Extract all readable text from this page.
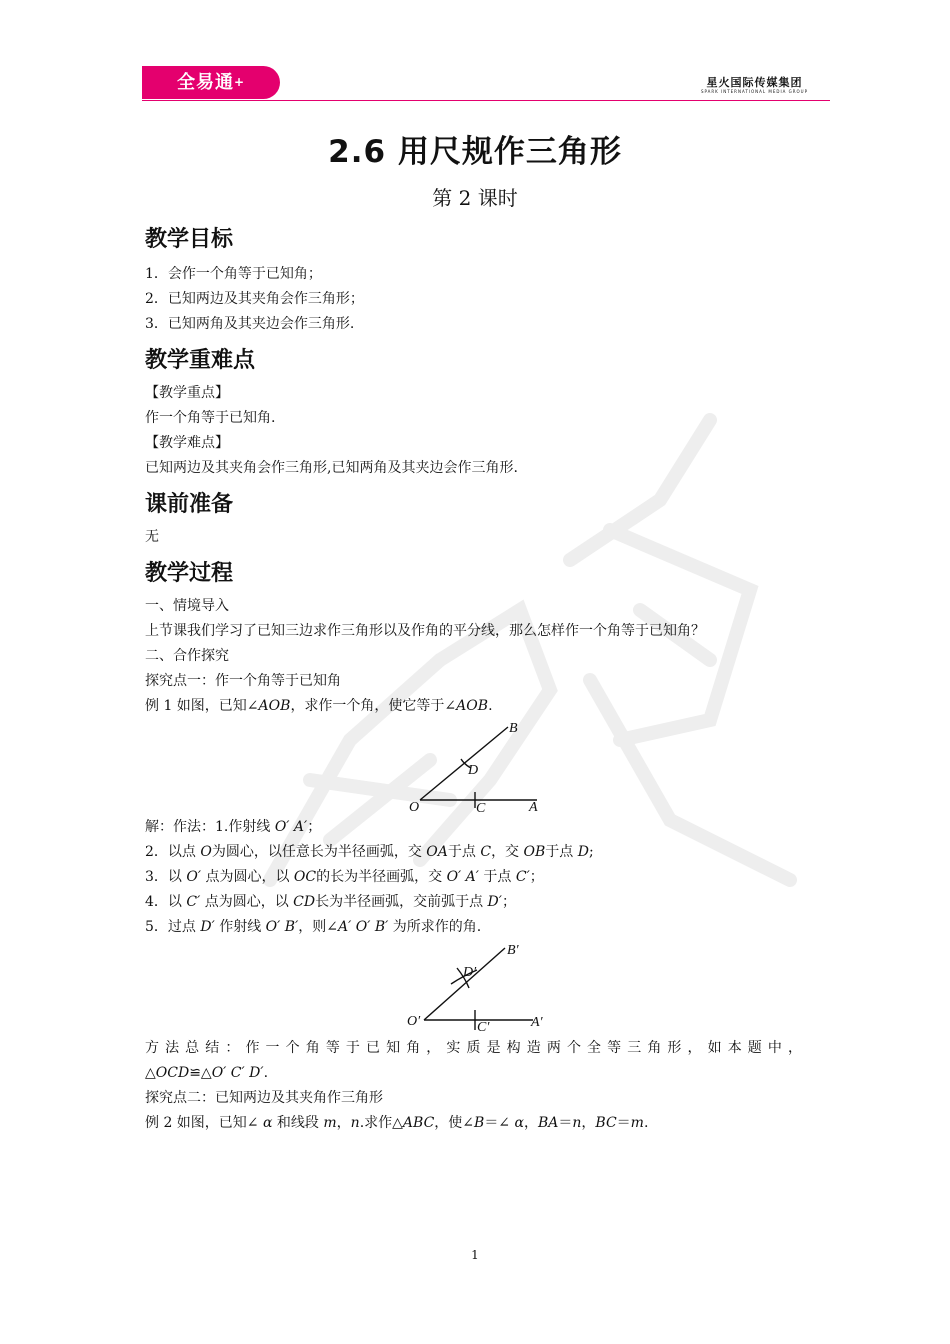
全易通+	星火国际传媒集团
SPARK INTERNATIONAL MEDIA GROUP
2.6 用尺规作三角形
第 2 课时
教学目标

1．会作一个角等于已知角；

2．已知两边及其夹角会作三角形；

3．已知两角及其夹边会作三角形.

教学重难点

【教学重点】

作一个角等于已知角.

【教学难点】

已知两边及其夹角会作三角形,已知两角及其夹边会作三角形.

课前准备

无

教学过程

一、情境导入

上节课我们学习了已知三边求作三角形以及作角的平分线，那么怎样作一个角等于已知角？

二、合作探究

探究点一：作一个角等于已知角

例 1 如图，已知∠AOB，求作一个角，使它等于∠AOB.

O	A
B
C
D

解：作法：1.作射线 O′ A′；

2．以点 O为圆心，以任意长为半径画弧，交 OA于点 C，交 OB于点 D;

3．以 O′ 点为圆心，以 OC的长为半径画弧，交 O′ A′ 于点 C′；

4．以 C′ 点为圆心，以 CD长为半径画弧，交前弧于点 D′；

5．过点 D′ 作射线 O′ B′，则∠A′ O′ B′ 为所求作的角.

O′	A′
B′
C′
D′

方法总结：作一个角等于已知角，实质是构造两个全等三角形，如本题中，

△OCD≌△O′ C′ D′.

探究点二：已知两边及其夹角作三角形

例 2 如图，已知∠ α 和线段 m，n.求作△ABC，使∠B＝∠ α，BA＝n，BC＝m.

1
